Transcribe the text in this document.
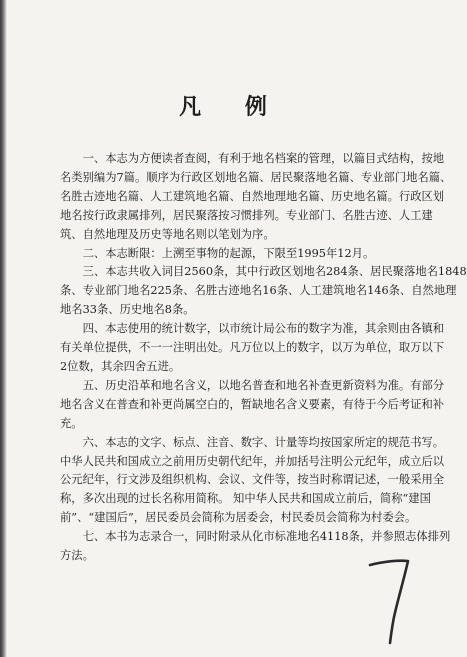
凡 例

　　一、本志为方便读者查阅，有利于地名档案的管理，以篇目式结构，按地
名类别编为7篇。顺序为行政区划地名篇、居民聚落地名篇、专业部门地名篇、
名胜古迹地名篇、人工建筑地名篇、自然地理地名篇、历史地名篇。行政区划
地名按行政隶属排列，居民聚落按习惯排列。专业部门、名胜古迹、人工建
筑、自然地理及历史等地名则以笔划为序。

　　二、本志断限：上溯至事物的起源，下限至1995年12月。

　　三、本志共收入词目2560条，其中行政区划地名284条、居民聚落地名1848
条、专业部门地名225条、名胜古迹地名16条、人工建筑地名146条、自然地理
地名33条、历史地名8条。

　　四、本志使用的统计数字，以市统计局公布的数字为准，其余则由各镇和
有关单位提供，不一一注明出处。凡万位以上的数字，以万为单位，取万以下
2位数，其余四舍五进。

　　五、历史沿革和地名含义，以地名普查和地名补查更新资料为准。有部分
地名含义在普查和补更尚属空白的，暂缺地名含义要素，有待于今后考证和补
充。

　　六、本志的文字、标点、注音、数字、计量等均按国家所定的规范书写。
中华人民共和国成立之前用历史朝代纪年，并加括号注明公元纪年，成立后以
公元纪年，行文涉及组织机构、会议、文件等，按当时称谓记述，一般采用全
称，多次出现的过长名称用简称。 知中华人民共和国成立前后，简称“建国
前”、“建国后”，居民委员会简称为居委会，村民委员会简称为村委会。

　　七、本书为志录合一，同时附录从化市标准地名4118条，并参照志体排列
方法。
